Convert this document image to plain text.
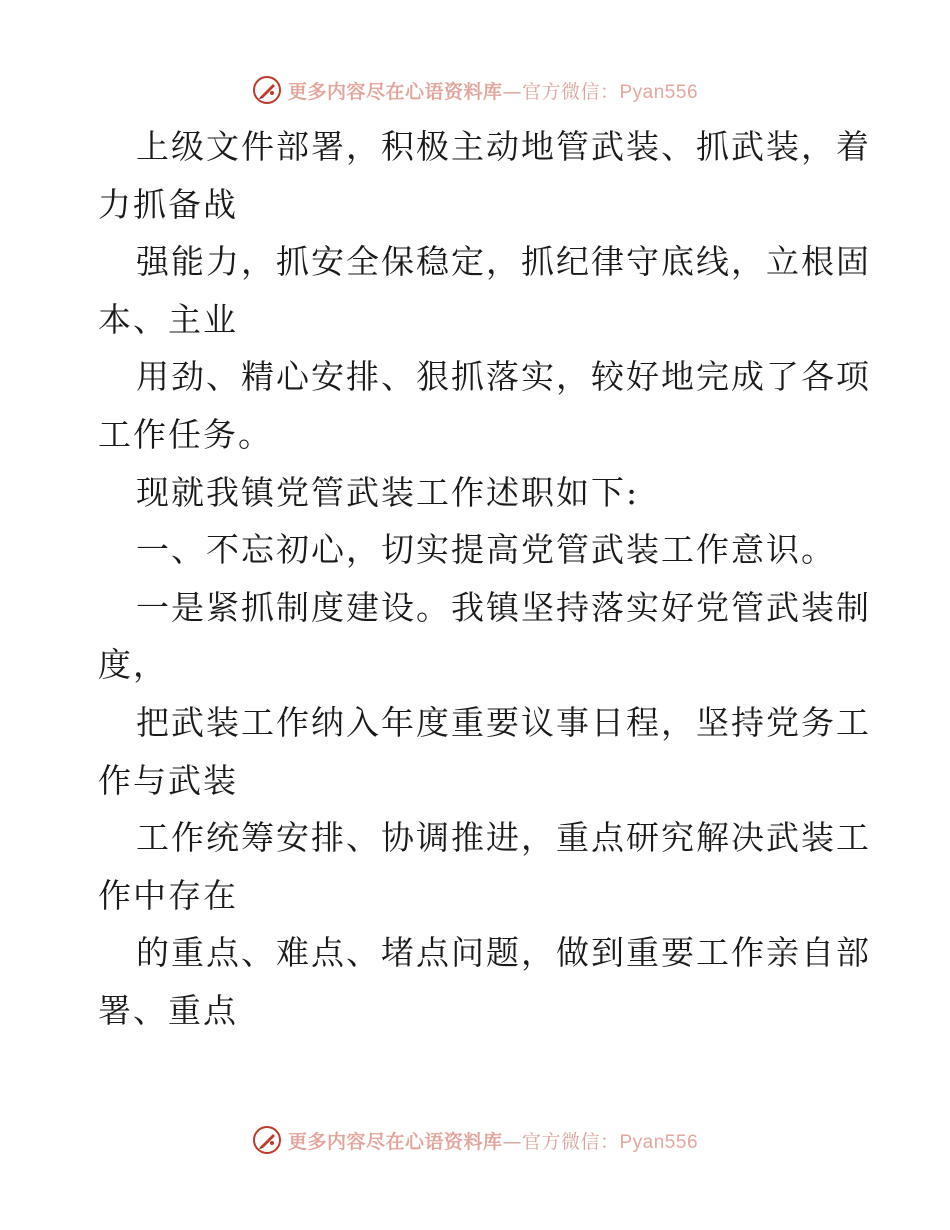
更多内容尽在心语资料库—官方微信：Pyan556
上级文件部署，积极主动地管武装、抓武装，着
力抓备战
强能力，抓安全保稳定，抓纪律守底线，立根固
本、主业
用劲、精心安排、狠抓落实，较好地完成了各项
工作任务。
现就我镇党管武装工作述职如下:
一、不忘初心，切实提高党管武装工作意识。
一是紧抓制度建设。我镇坚持落实好党管武装制
度，
把武装工作纳入年度重要议事日程，坚持党务工
作与武装
工作统筹安排、协调推进，重点研究解决武装工
作中存在
的重点、难点、堵点问题，做到重要工作亲自部
署、重点
更多内容尽在心语资料库—官方微信：Pyan556
